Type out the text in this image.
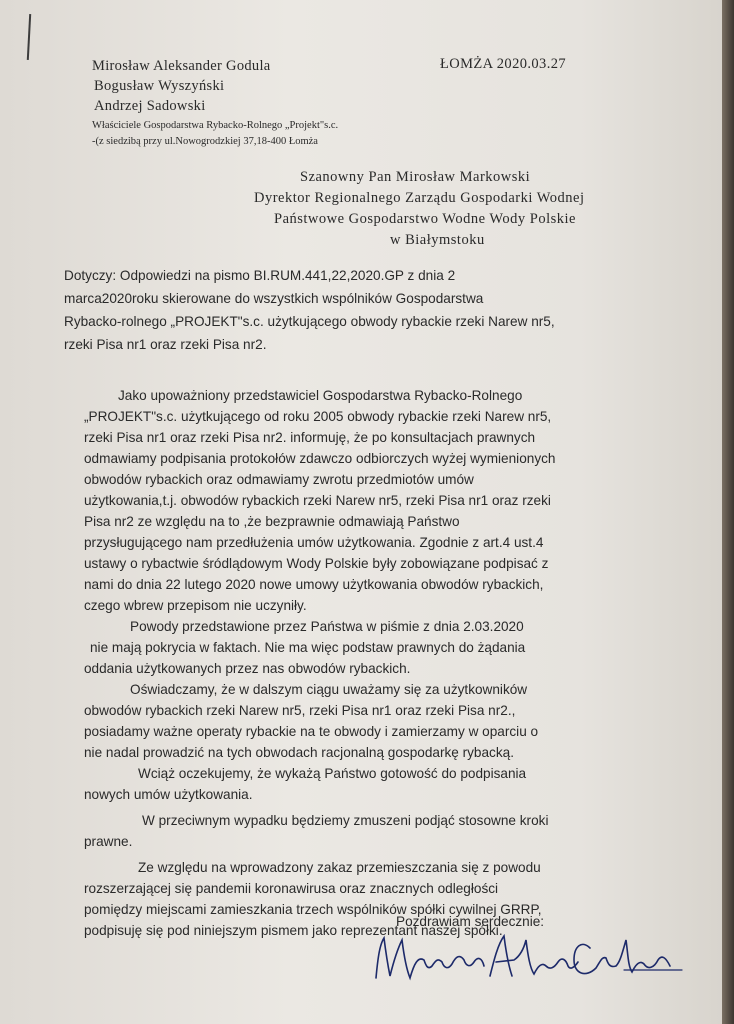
Mirosław Aleksander Godula
Bogusław Wyszyński
Andrzej Sadowski
Właściciele Gospodarstwa Rybacko-Rolnego „Projekt"s.c.
-(z siedzibą przy ul.Nowogrodzkiej 37,18-400 Łomża
ŁOMŻA 2020.03.27
Szanowny Pan Mirosław Markowski
Dyrektor Regionalnego Zarządu Gospodarki Wodnej
Państwowe Gospodarstwo Wodne Wody Polskie
w Białymstoku
Dotyczy: Odpowiedzi na pismo BI.RUM.441,22,2020.GP z dnia 2
marca2020roku skierowane do wszystkich wspólników Gospodarstwa
Rybacko-rolnego „PROJEKT"s.c. użytkującego obwody rybackie rzeki Narew nr5,
rzeki Pisa nr1 oraz rzeki Pisa nr2.
Jako upoważniony przedstawiciel Gospodarstwa Rybacko-Rolnego
„PROJEKT"s.c. użytkującego od roku 2005 obwody rybackie rzeki Narew nr5,
rzeki Pisa nr1 oraz rzeki Pisa nr2. informuję, że po konsultacjach prawnych
odmawiamy podpisania protokołów zdawczo odbiorczych wyżej wymienionych
obwodów rybackich oraz odmawiamy zwrotu przedmiotów umów
użytkowania,t.j. obwodów rybackich rzeki Narew nr5, rzeki Pisa nr1 oraz rzeki
Pisa nr2 ze względu na to ,że bezprawnie odmawiają Państwo
przysługującego nam przedłużenia umów użytkowania. Zgodnie z art.4 ust.4
ustawy o rybactwie śródlądowym Wody Polskie były zobowiązane podpisać z
nami do dnia 22 lutego 2020 nowe umowy użytkowania obwodów rybackich,
czego wbrew przepisom nie uczyniły.
Powody przedstawione przez Państwa w piśmie z dnia 2.03.2020
nie mają pokrycia w faktach. Nie ma więc podstaw prawnych do żądania
oddania użytkowanych przez nas obwodów rybackich.
Oświadczamy, że w dalszym ciągu uważamy się za użytkowników
obwodów rybackich rzeki Narew nr5, rzeki Pisa nr1 oraz rzeki Pisa nr2.,
posiadamy ważne operaty rybackie na te obwody i zamierzamy w oparciu o
nie nadal prowadzić na tych obwodach racjonalną gospodarkę rybacką.
Wciąż oczekujemy, że wykażą Państwo gotowość do podpisania
nowych umów użytkowania.
W przeciwnym wypadku będziemy zmuszeni podjąć stosowne kroki
prawne.
Ze względu na wprowadzony zakaz przemieszczania się z powodu
rozszerzającej się pandemii koronawirusa oraz znacznych odległości
pomiędzy miejscami zamieszkania trzech wspólników spółki cywilnej GRRP,
podpisuję się pod niniejszym pismem jako reprezentant naszej spółki.
Pozdrawiam serdecznie:
